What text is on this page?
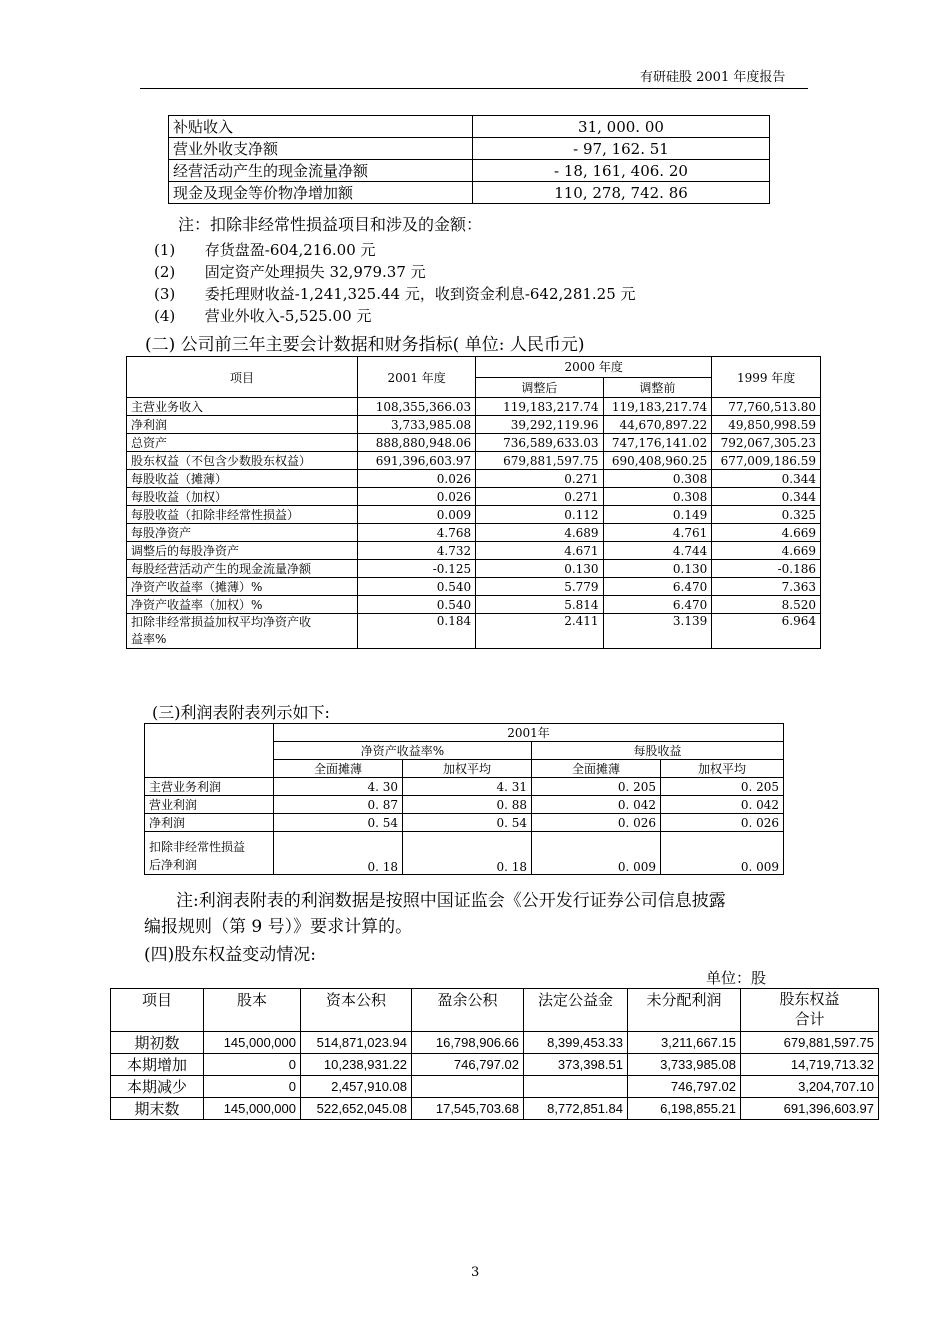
有研硅股 2001 年度报告
补贴收入	31, 000. 00
营业外收支净额	- 97, 162. 51
经营活动产生的现金流量净额	- 18, 161, 406. 20
现金及现金等价物净增加额	110, 278, 742. 86
注：扣除非经常性损益项目和涉及的金额：
(1) 存货盘盈-604,216.00 元
(2) 固定资产处理损失 32,979.37 元
(3) 委托理财收益-1,241,325.44 元，收到资金利息-642,281.25 元
(4) 营业外收入-5,525.00 元
(二) 公司前三年主要会计数据和财务指标( 单位: 人民币元)
项目	2001 年度	2000 年度		1999 年度
		调整后	调整前	
主营业务收入	108,355,366.03	119,183,217.74	119,183,217.74	77,760,513.80
净利润	3,733,985.08	39,292,119.96	44,670,897.22	49,850,998.59
总资产	888,880,948.06	736,589,633.03	747,176,141.02	792,067,305.23
股东权益（不包含少数股东权益）	691,396,603.97	679,881,597.75	690,408,960.25	677,009,186.59
每股收益（摊薄）	0.026	0.271	0.308	0.344
每股收益（加权）	0.026	0.271	0.308	0.344
每股收益（扣除非经常性损益）	0.009	0.112	0.149	0.325
每股净资产	4.768	4.689	4.761	4.669
调整后的每股净资产	4.732	4.671	4.744	4.669
每股经营活动产生的现金流量净额	-0.125	0.130	0.130	-0.186
净资产收益率（摊薄）%	0.540	5.779	6.470	7.363
净资产收益率（加权）%	0.540	5.814	6.470	8.520
扣除非经常损益加权平均净资产收
益率%	0.184	2.411	3.139	6.964
(三)利润表附表列示如下:
	2001年			
	净资产收益率%		每股收益	
	全面摊薄	加权平均	全面摊薄	加权平均
主营业务利润	4. 30	4. 31	0. 205	0. 205
营业利润	0. 87	0. 88	0. 042	0. 042
净利润	0. 54	0. 54	0. 026	0. 026
扣除非经常性损益
后净利润	0. 18	0. 18	0. 009	0. 009
注:利润表附表的利润数据是按照中国证监会《公开发行证券公司信息披露
编报规则（第 9 号）》要求计算的。
(四)股东权益变动情况:
单位：股
项目	股本	资本公积	盈余公积	法定公益金	未分配利润	股东权益
合计
期初数	145,000,000	514,871,023.94	16,798,906.66	8,399,453.33	3,211,667.15	679,881,597.75
本期增加	0	10,238,931.22	746,797.02	373,398.51	3,733,985.08	14,719,713.32
本期减少	0	2,457,910.08			746,797.02	3,204,707.10
期末数	145,000,000	522,652,045.08	17,545,703.68	8,772,851.84	6,198,855.21	691,396,603.97
3
